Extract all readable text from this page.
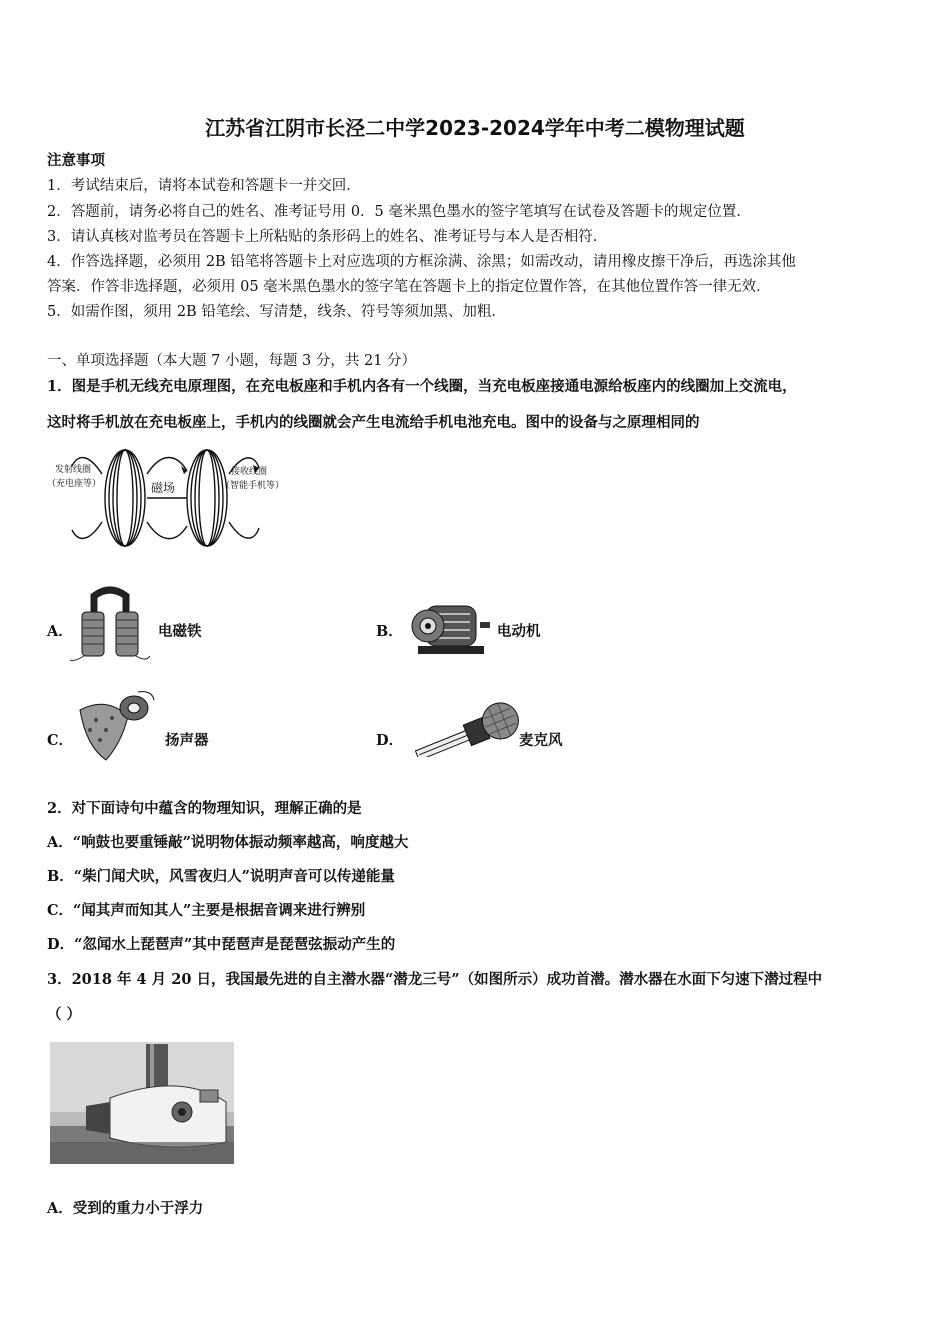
江苏省江阴市长泾二中学2023-2024学年中考二模物理试题
注意事项
1．考试结束后，请将本试卷和答题卡一并交回．
2．答题前，请务必将自己的姓名、准考证号用 0．5 毫米黑色墨水的签字笔填写在试卷及答题卡的规定位置．
3．请认真核对监考员在答题卡上所粘贴的条形码上的姓名、准考证号与本人是否相符．
4．作答选择题，必须用 2B 铅笔将答题卡上对应选项的方框涂满、涂黑；如需改动，请用橡皮擦干净后，再选涂其他
答案．作答非选择题，必须用 05 毫米黑色墨水的签字笔在答题卡上的指定位置作答，在其他位置作答一律无效．
5．如需作图，须用 2B 铅笔绘、写清楚，线条、符号等须加黑、加粗．
一、单项选择题（本大题 7 小题，每题 3 分，共 21 分）
1．图是手机无线充电原理图，在充电板座和手机内各有一个线圈，当充电板座接通电源给板座内的线圈加上交流电，
这时将手机放在充电板座上，手机内的线圈就会产生电流给手机电池充电。图中的设备与之原理相同的
发射线圈
（充电座等）	磁场
接收线圈
（智能手机等）
A．	电磁铁	B．	电动机
C．	扬声器	D．	麦克风
2．对下面诗句中蕴含的物理知识，理解正确的是
A．“响鼓也要重锤敲”说明物体振动频率越高，响度越大
B．“柴门闻犬吠，风雪夜归人”说明声音可以传递能量
C．“闻其声而知其人”主要是根据音调来进行辨别
D．“忽闻水上琵琶声”其中琵琶声是琵琶弦振动产生的
3．2018 年 4 月 20 日，我国最先进的自主潜水器“潜龙三号”（如图所示）成功首潜。潜水器在水面下匀速下潜过程中
（ ）
A．受到的重力小于浮力
